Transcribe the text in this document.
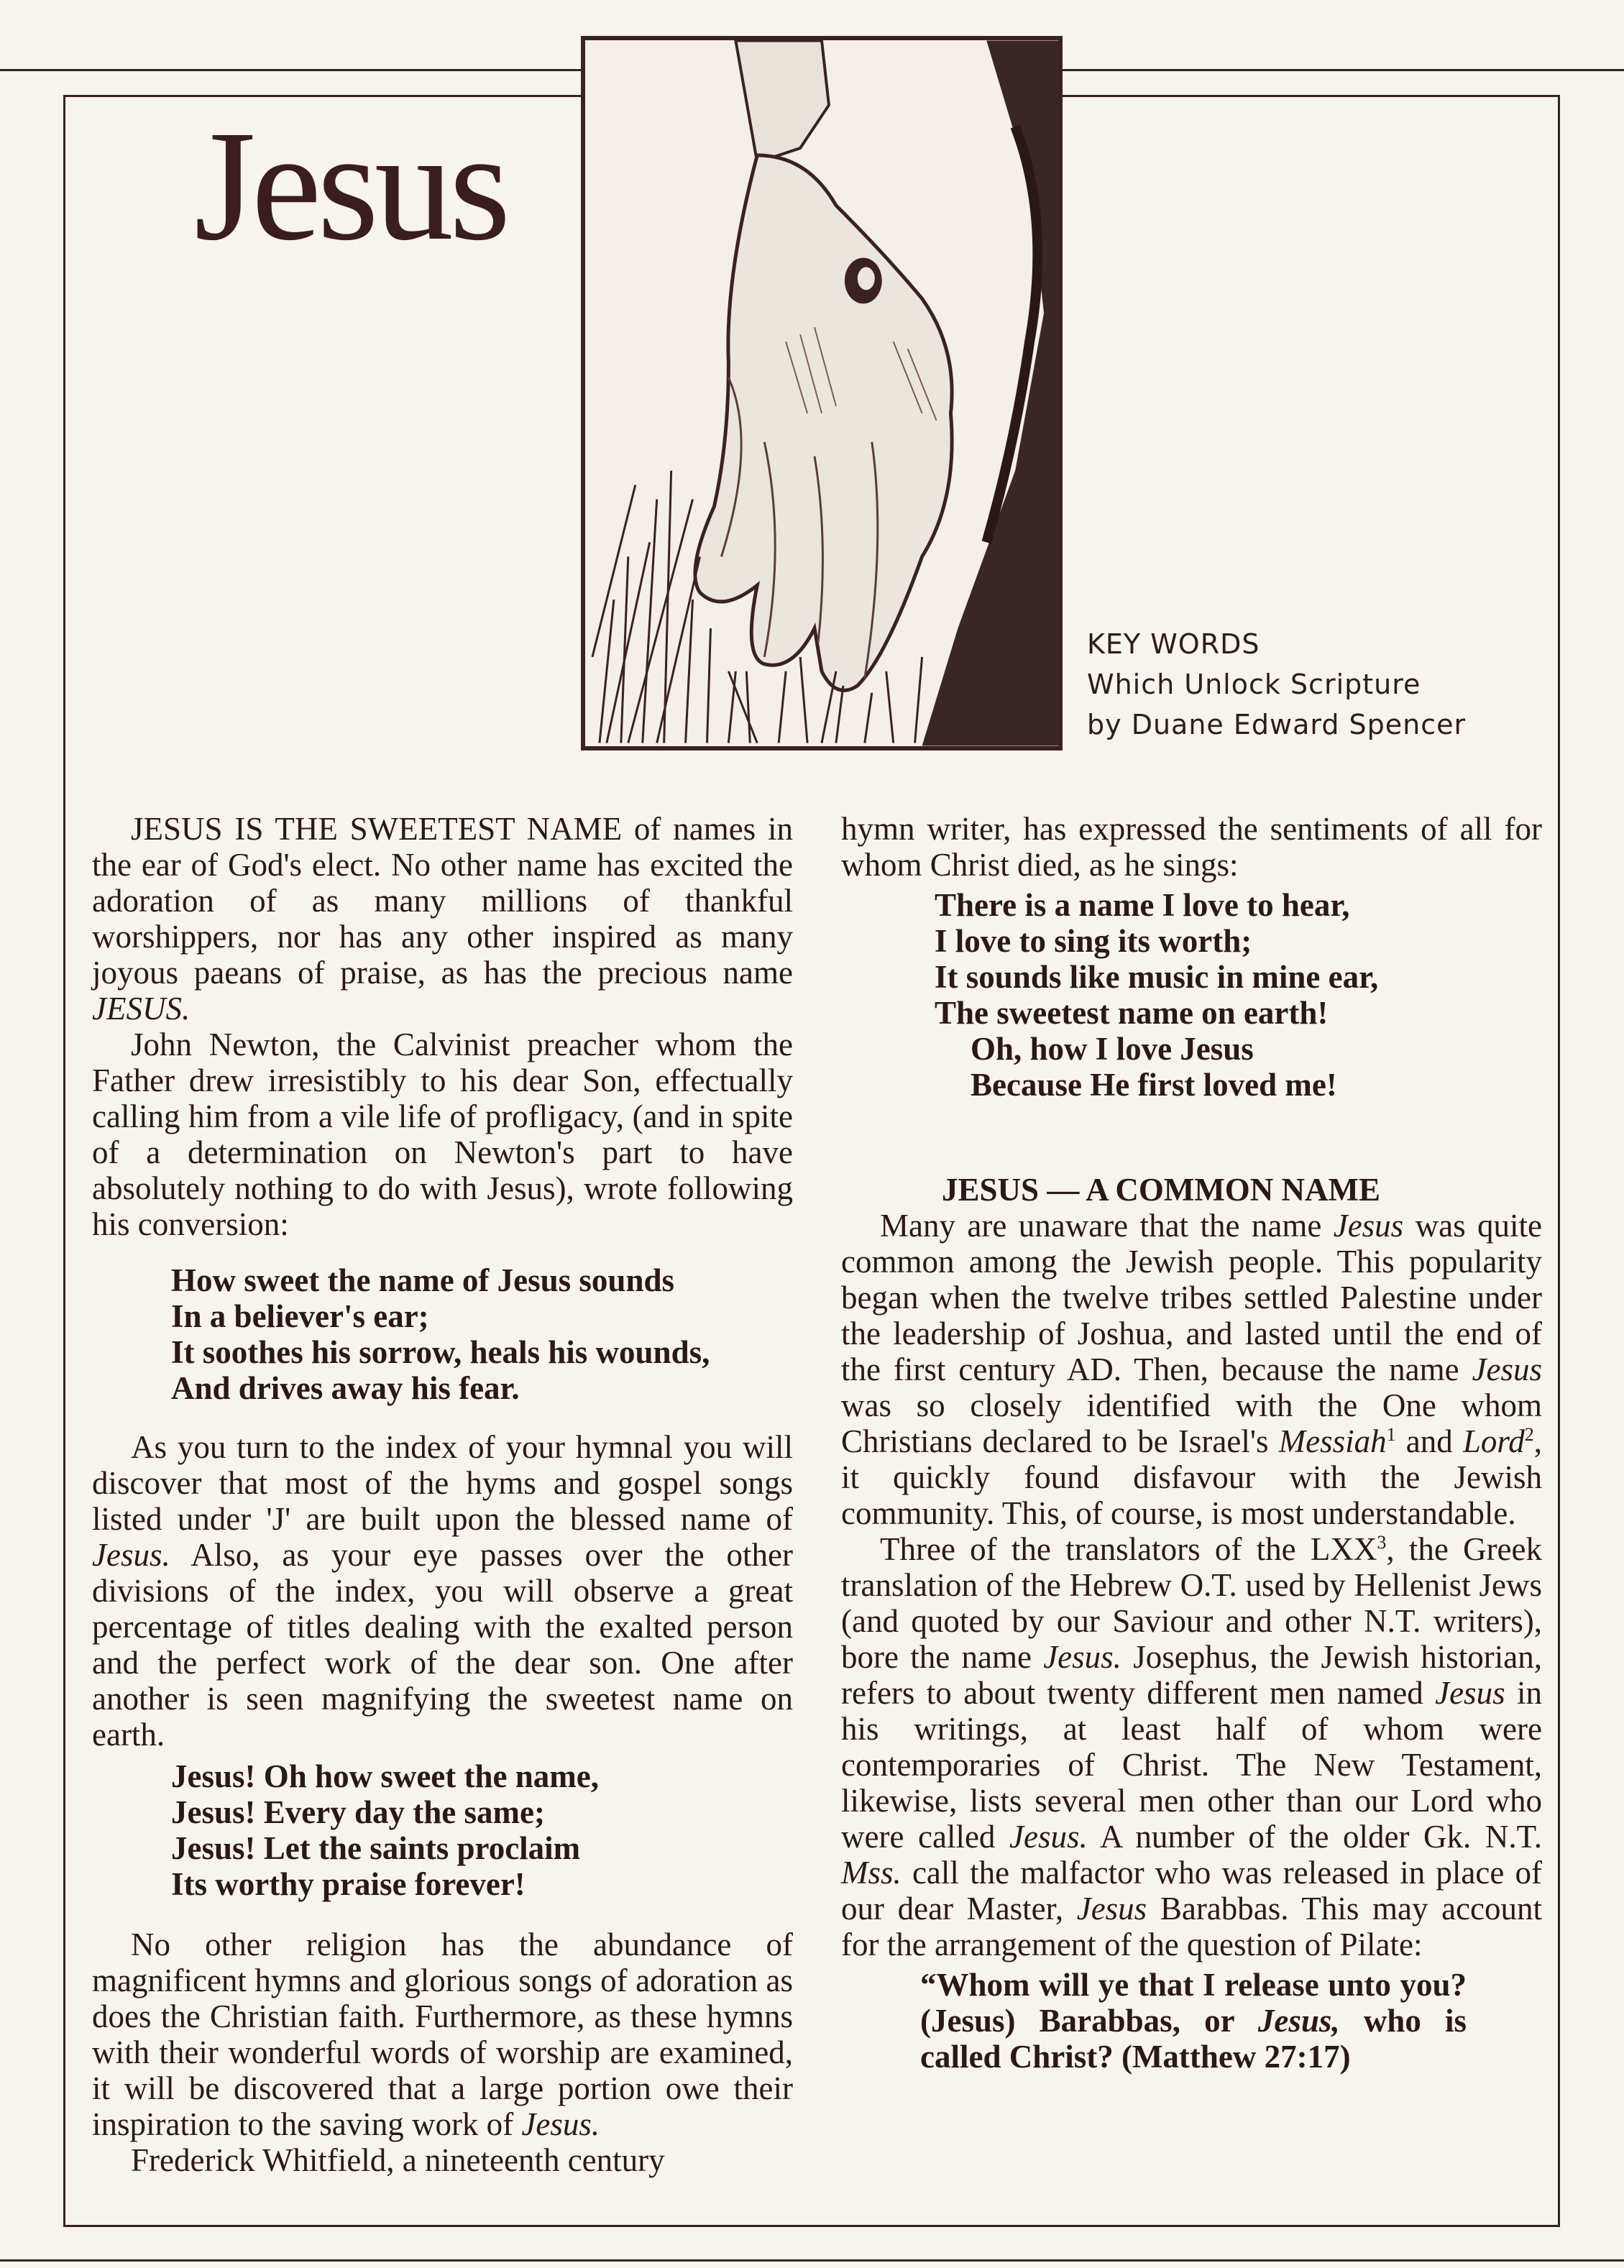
Jesus
KEY WORDS
Which Unlock Scripture
by Duane Edward Spencer

JESUS IS THE SWEETEST NAME of names in the ear of God's elect. No other name has excited the adoration of as many millions of thankful worshippers, nor has any other inspired as many joyous paeans of praise, as has the precious name JESUS.

John Newton, the Calvinist preacher whom the Father drew irresistibly to his dear Son, effectually calling him from a vile life of profligacy, (and in spite of a determination on Newton's part to have absolutely nothing to do with Jesus), wrote following his conversion:

How sweet the name of Jesus sounds
In a believer's ear;
It soothes his sorrow, heals his wounds,
And drives away his fear.

As you turn to the index of your hymnal you will discover that most of the hyms and gospel songs listed under 'J' are built upon the blessed name of Jesus. Also, as your eye passes over the other divisions of the index, you will observe a great percentage of titles dealing with the exalted person and the perfect work of the dear son. One after another is seen magnifying the sweetest name on earth.

Jesus! Oh how sweet the name,
Jesus! Every day the same;
Jesus! Let the saints proclaim
Its worthy praise forever!

No other religion has the abundance of magnificent hymns and glorious songs of adoration as does the Christian faith. Furthermore, as these hymns with their wonderful words of worship are examined, it will be discovered that a large portion owe their inspiration to the saving work of Jesus.

Frederick Whitfield, a nineteenth century

hymn writer, has expressed the sentiments of all for whom Christ died, as he sings:

There is a name I love to hear,
I love to sing its worth;
It sounds like music in mine ear,
The sweetest name on earth!
Oh, how I love Jesus
Because He first loved me!
JESUS — A COMMON NAME

Many are unaware that the name Jesus was quite common among the Jewish people. This popularity began when the twelve tribes settled Palestine under the leadership of Joshua, and lasted until the end of the first century AD. Then, because the name Jesus was so closely identified with the One whom Christians declared to be Israel's Messiah$^1$ and Lord$^2$, it quickly found disfavour with the Jewish community. This, of course, is most understandable.

Three of the translators of the LXX$^3$, the Greek translation of the Hebrew O.T. used by Hellenist Jews (and quoted by our Saviour and other N.T. writers), bore the name Jesus. Josephus, the Jewish historian, refers to about twenty different men named Jesus in his writings, at least half of whom were contemporaries of Christ. The New Testament, likewise, lists several men other than our Lord who were called Jesus. A number of the older Gk. N.T. Mss. call the malfactor who was released in place of our dear Master, Jesus Barabbas. This may account for the arrangement of the question of Pilate:

“Whom will ye that I release unto you? (Jesus) Barabbas, or Jesus, who is called Christ? (Matthew 27:17)
